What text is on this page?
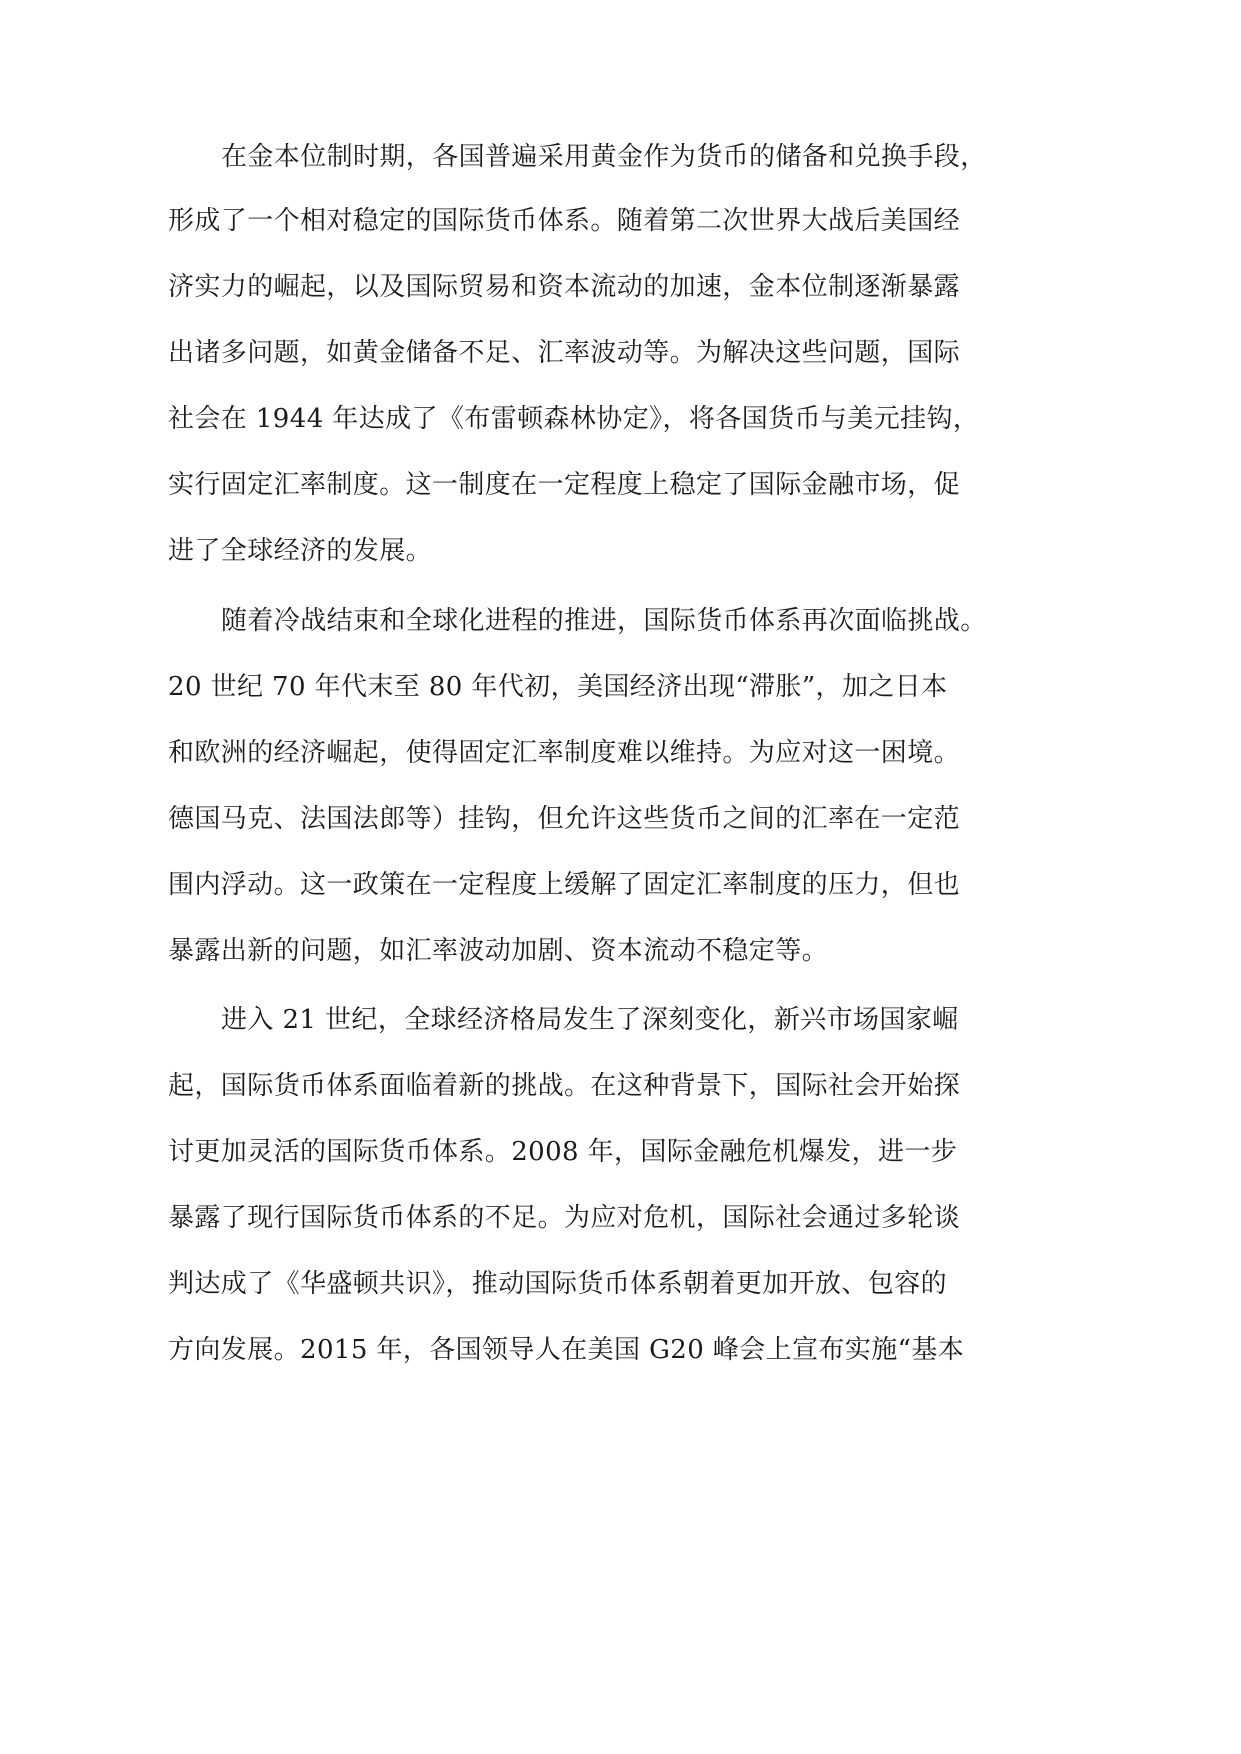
在金本位制时期，各国普遍采用黄金作为货币的储备和兑换手段，
形成了一个相对稳定的国际货币体系。随着第二次世界大战后美国经
济实力的崛起，以及国际贸易和资本流动的加速，金本位制逐渐暴露
出诸多问题，如黄金储备不足、汇率波动等。为解决这些问题，国际
社会在 1944 年达成了《布雷顿森林协定》，将各国货币与美元挂钩，
实行固定汇率制度。这一制度在一定程度上稳定了国际金融市场，促
进了全球经济的发展。
随着冷战结束和全球化进程的推进，国际货币体系再次面临挑战。
20 世纪 70 年代末至 80 年代初，美国经济出现“滞胀”，加之日本
和欧洲的经济崛起，使得固定汇率制度难以维持。为应对这一困境。
德国马克、法国法郎等）挂钩，但允许这些货币之间的汇率在一定范
围内浮动。这一政策在一定程度上缓解了固定汇率制度的压力，但也
暴露出新的问题，如汇率波动加剧、资本流动不稳定等。
进入 21 世纪，全球经济格局发生了深刻变化，新兴市场国家崛
起，国际货币体系面临着新的挑战。在这种背景下，国际社会开始探
讨更加灵活的国际货币体系。2008 年，国际金融危机爆发，进一步
暴露了现行国际货币体系的不足。为应对危机，国际社会通过多轮谈
判达成了《华盛顿共识》，推动国际货币体系朝着更加开放、包容的
方向发展。2015 年，各国领导人在美国 G20 峰会上宣布实施“基本
